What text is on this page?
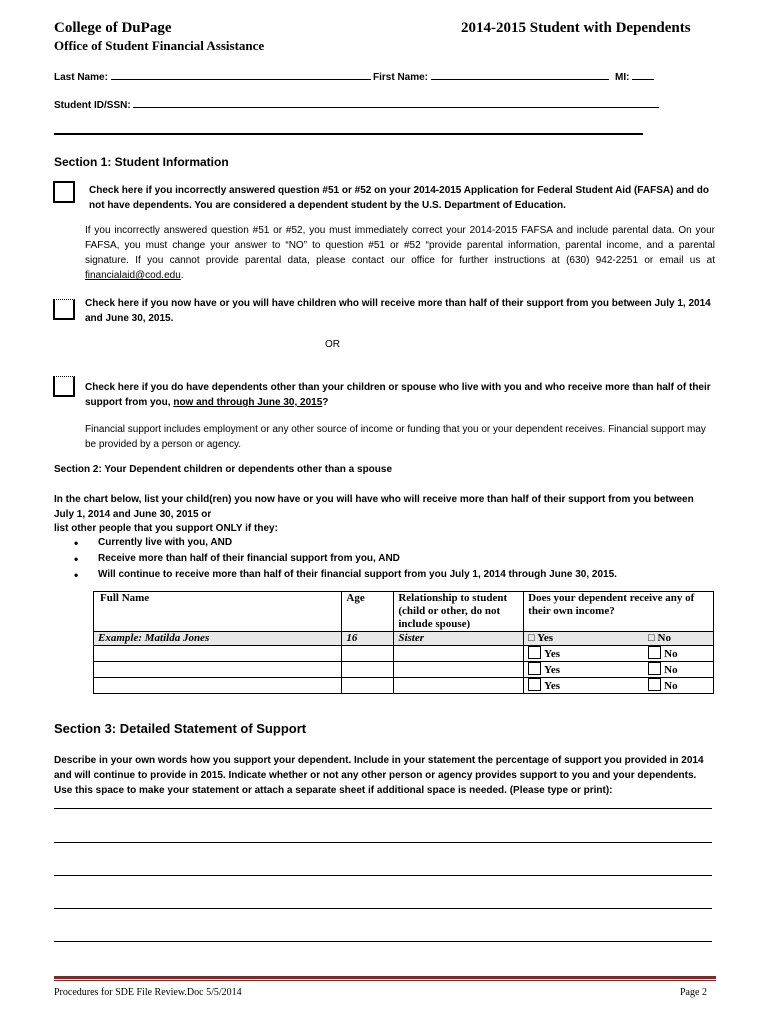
College of DuPage
Office of Student Financial Assistance
2014-2015 Student with Dependents
Last Name:	First Name:	MI:
Student ID/SSN:
Section 1: Student Information
Check here if you incorrectly answered question #51 or #52 on your 2014-2015 Application for Federal Student Aid (FAFSA) and do not have dependents. You are considered a dependent student by the U.S. Department of Education.
If you incorrectly answered question #51 or #52, you must immediately correct your 2014-2015 FAFSA and include parental data. On your FAFSA, you must change your answer to “NO” to question #51 or #52 “provide parental information, parental income, and a parental signature. If you cannot provide parental data, please contact our office for further instructions at (630) 942-2251 or email us at financialaid@cod.edu.
Check here if you now have or you will have children who will receive more than half of their support from you between July 1, 2014 and June 30, 2015.
OR
Check here if you do have dependents other than your children or spouse who live with you and who receive more than half of their support from you, now and through June 30, 2015?
Financial support includes employment or any other source of income or funding that you or your dependent receives. Financial support may be provided by a person or agency.
Section 2: Your Dependent children or dependents other than a spouse
In the chart below, list your child(ren) you now have or you will have who will receive more than half of their support from you between July 1, 2014 and June 30, 2015 or
list other people that you support ONLY if they:
• Currently live with you, AND
• Receive more than half of their financial support from you, AND
• Will continue to receive more than half of their financial support from you July 1, 2014 through June 30, 2015.
Full Name	Age	Relationship to student (child or other, do not include spouse)	Does your dependent receive any of their own income?
Example: Matilda Jones	16	Sister	□ Yes □ No
			Yes No
			Yes No
			Yes No
Section 3: Detailed Statement of Support
Describe in your own words how you support your dependent. Include in your statement the percentage of support you provided in 2014 and will continue to provide in 2015. Indicate whether or not any other person or agency provides support to you and your dependents. Use this space to make your statement or attach a separate sheet if additional space is needed. (Please type or print):
Procedures for SDE File Review.Doc 5/5/2014	Page 2
